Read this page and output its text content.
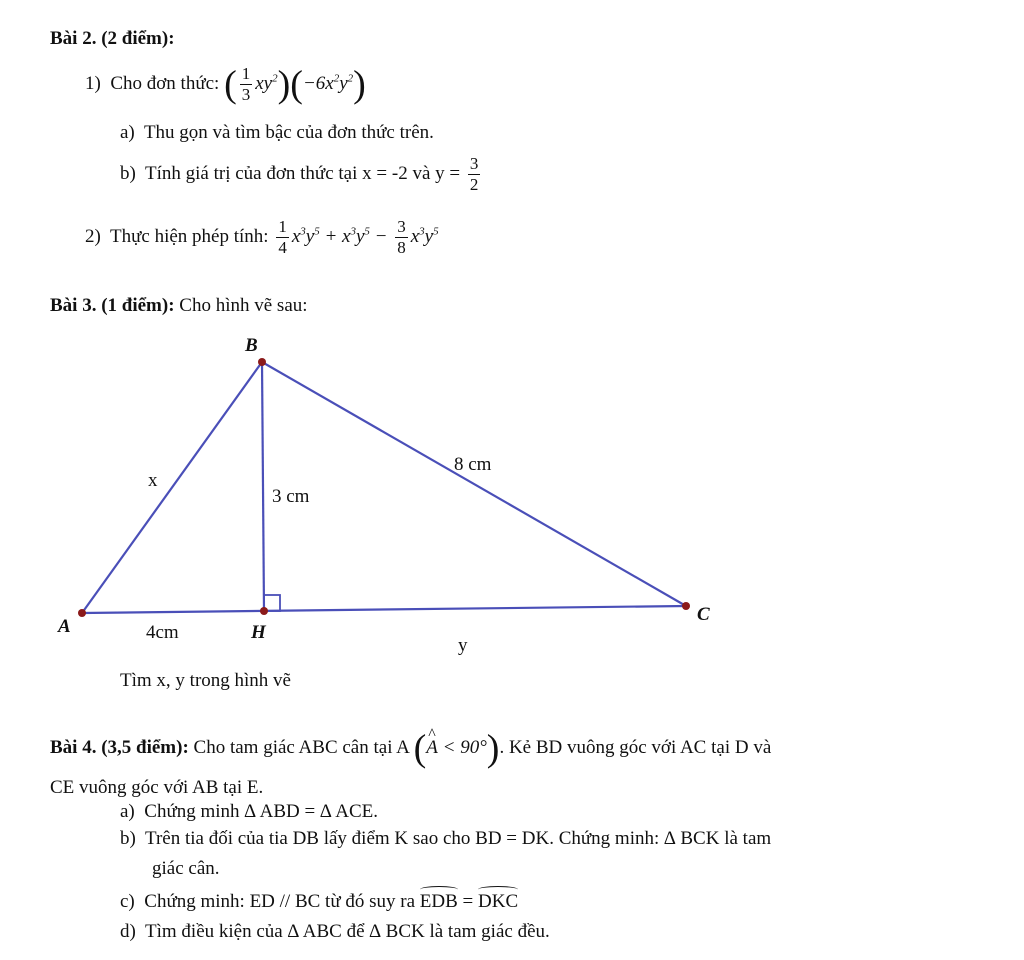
Bài 2. (2 điểm):
1) Cho đơn thức: ( $\frac{1}{3} xy^2)(-6x^2y^2)$
a) Thu gọn và tìm bậc của đơn thức trên.
b) Tính giá trị của đơn thức tại x = -2 và $y = \frac{3}{2}$
2) Thực hiện phép tính: $\frac{1}{4} x^3y^5 + x^3y^5 - \frac{3}{8} x^3y^5$
Bài 3. (1 điểm): Cho hình vẽ sau:
B
A	H
C
x
y
3 cm
8 cm
4cm
Tìm x, y trong hình vẽ
Bài 4. (3,5 điểm): Cho tam giác ABC cân tại A (^ A < 90°). Kẻ BD vuông góc với AC tại D và
CE vuông góc với AB tại E.
a) Chứng minh ∆ ABD = ∆ ACE.
b) Trên tia đối của tia DB lấy điểm K sao cho BD = DK. Chứng minh: ∆ BCK là tam
giác cân.
c) Chứng minh: ED // BC từ đó suy ra EDB = DKC
d) Tìm điều kiện của ∆ ABC để ∆ BCK là tam giác đều.
